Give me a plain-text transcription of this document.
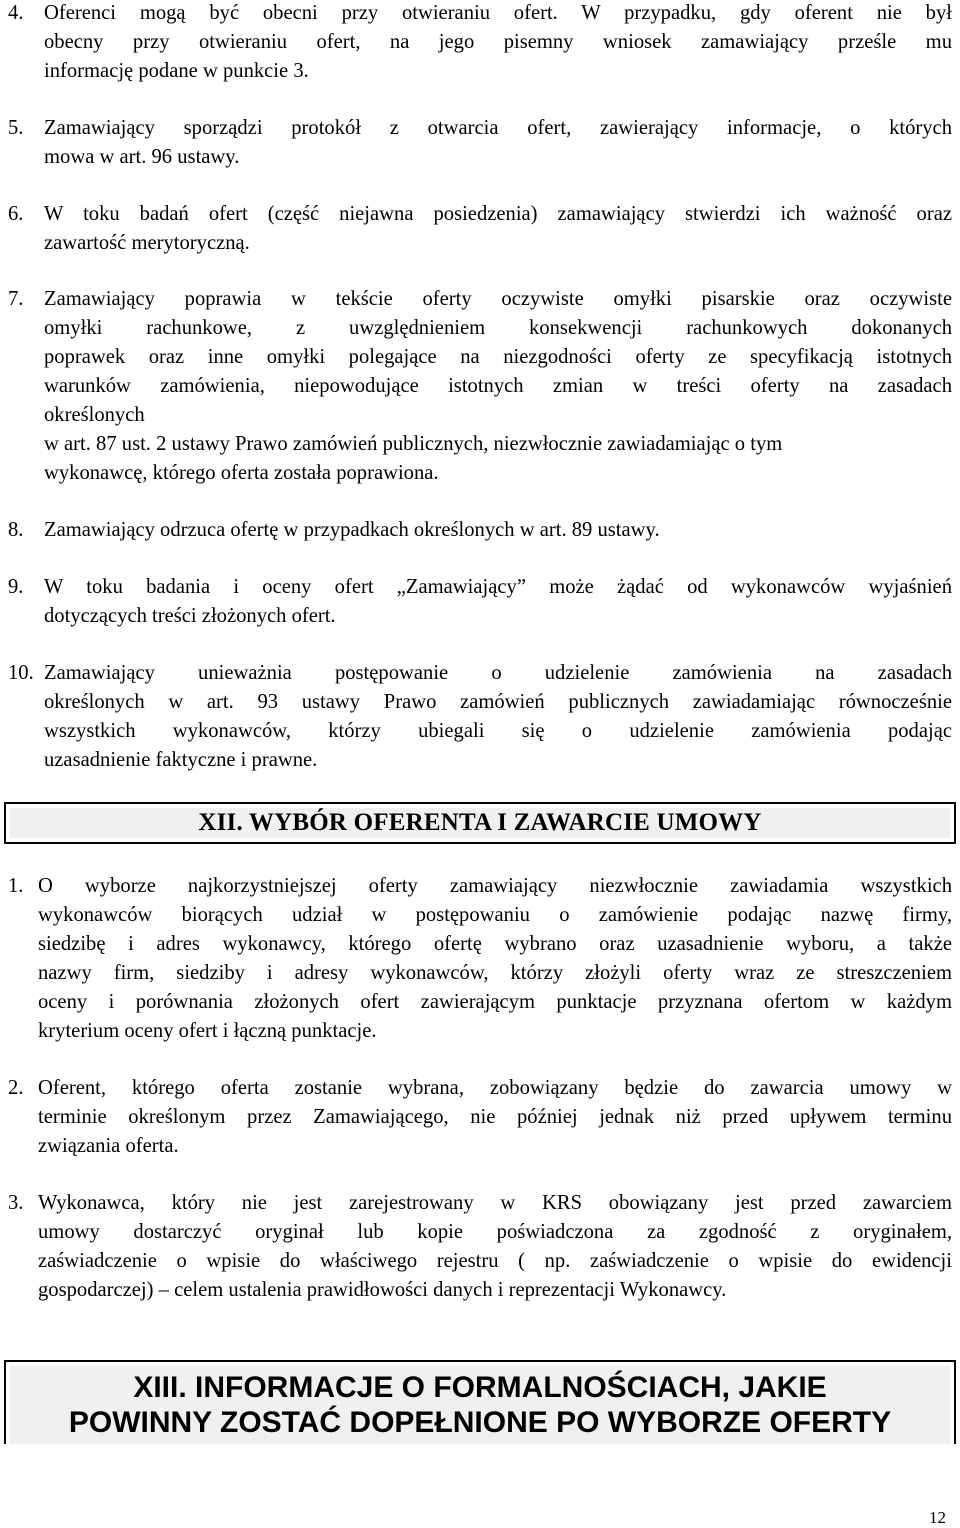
4. Oferenci mogą być obecni przy otwieraniu ofert. W przypadku, gdy oferent nie był
obecny przy otwieraniu ofert, na jego pisemny wniosek zamawiający prześle mu
informację podane w punkcie 3.
5. Zamawiający sporządzi protokół z otwarcia ofert, zawierający informacje, o których
mowa w art. 96 ustawy.
6. W toku badań ofert (część niejawna posiedzenia) zamawiający stwierdzi ich ważność oraz
zawartość merytoryczną.
7. Zamawiający poprawia w tekście oferty oczywiste omyłki pisarskie oraz oczywiste
omyłki rachunkowe, z uwzględnieniem konsekwencji rachunkowych dokonanych
poprawek oraz inne omyłki polegające na niezgodności oferty ze specyfikacją istotnych
warunków zamówienia, niepowodujące istotnych zmian w treści oferty na zasadach
określonych
w art. 87 ust. 2 ustawy Prawo zamówień publicznych, niezwłocznie zawiadamiając o tym
wykonawcę, którego oferta została poprawiona.
8. Zamawiający odrzuca ofertę w przypadkach określonych w art. 89 ustawy.
9. W toku badania i oceny ofert „Zamawiający” może żądać od wykonawców wyjaśnień
dotyczących treści złożonych ofert.
10. Zamawiający unieważnia postępowanie o udzielenie zamówienia na zasadach
określonych w art. 93 ustawy Prawo zamówień publicznych zawiadamiając równocześnie
wszystkich wykonawców, którzy ubiegali się o udzielenie zamówienia podając
uzasadnienie faktyczne i prawne.
XII. WYBÓR OFERENTA I ZAWARCIE UMOWY
1. O wyborze najkorzystniejszej oferty zamawiający niezwłocznie zawiadamia wszystkich
wykonawców biorących udział w postępowaniu o zamówienie podając nazwę firmy,
siedzibę i adres wykonawcy, którego ofertę wybrano oraz uzasadnienie wyboru, a także
nazwy firm, siedziby i adresy wykonawców, którzy złożyli oferty wraz ze streszczeniem
oceny i porównania złożonych ofert zawierającym punktacje przyznana ofertom w każdym
kryterium oceny ofert i łączną punktacje.
2. Oferent, którego oferta zostanie wybrana, zobowiązany będzie do zawarcia umowy w
terminie określonym przez Zamawiającego, nie później jednak niż przed upływem terminu
związania oferta.
3. Wykonawca, który nie jest zarejestrowany w KRS obowiązany jest przed zawarciem
umowy dostarczyć oryginał lub kopie poświadczona za zgodność z oryginałem,
zaświadczenie o wpisie do właściwego rejestru ( np. zaświadczenie o wpisie do ewidencji
gospodarczej) – celem ustalenia prawidłowości danych i reprezentacji Wykonawcy.
XIII. INFORMACJE O FORMALNOŚCIACH, JAKIE
POWINNY ZOSTAĆ DOPEŁNIONE PO WYBORZE OFERTY
12
